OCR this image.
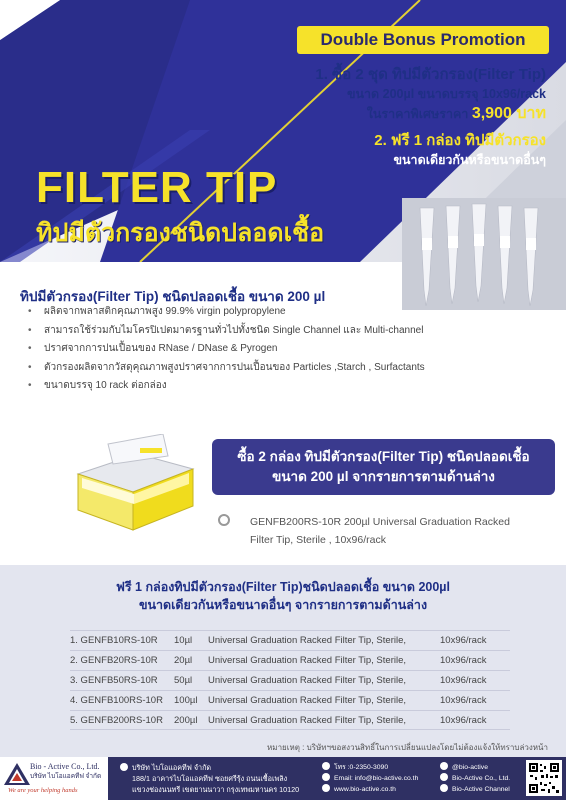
Double Bonus Promotion
1. ซื้อ 2 ชุด ทิปมีตัวกรอง(Filter Tip)
ขนาด 200µl ขนาดบรรจุ 10x96/rack
ในราคาพิเศษราคา 3,900 บาท
2. ฟรี 1 กล่อง ทิปมีตัวกรอง
ขนาดเดียวกันหรือขนาดอื่นๆ
FILTER TIP
ทิปมีตัวกรองชนิดปลอดเชื้อ
ทิปมีตัวกรอง(Filter Tip) ชนิดปลอดเชื้อ ขนาด 200 µl
• ผลิตจากพลาสติกคุณภาพสูง 99.9% virgin polypropylene
• สามารถใช้ร่วมกับไมโครปิเปตมาตรฐานทั่วไปทั้งชนิด Single Channel และ Multi-channel
• ปราศจากการปนเปื้อนของ RNase / DNase & Pyrogen
• ตัวกรองผลิตจากวัสดุคุณภาพสูงปราศจากการปนเปื้อนของ Particles ,Starch , Surfactants
• ขนาดบรรจุ 10 rack ต่อกล่อง
ซื้อ 2 กล่อง ทิปมีตัวกรอง(Filter Tip) ชนิดปลอดเชื้อ
ขนาด 200 µl จากรายการตามด้านล่าง
GENFB200RS-10R 200µl Universal Graduation Racked
Filter Tip, Sterile , 10x96/rack
ฟรี 1 กล่องทิปมีตัวกรอง(Filter Tip)ชนิดปลอดเชื้อ ขนาด 200µl
ขนาดเดียวกันหรือขนาดอื่นๆ จากรายการตามด้านล่าง
1. GENFB10RS-10R 10µl Universal Graduation Racked Filter Tip, Sterile,	10x96/rack
2. GENFB20RS-10R 20µl Universal Graduation Racked Filter Tip, Sterile,	10x96/rack
3. GENFB50RS-10R 50µl Universal Graduation Racked Filter Tip, Sterile,	10x96/rack
4. GENFB100RS-10R 100µl Universal Graduation Racked Filter Tip, Sterile,	10x96/rack
5. GENFB200RS-10R 200µl Universal Graduation Racked Filter Tip, Sterile,	10x96/rack
หมายเหตุ : บริษัทฯขอสงวนสิทธิ์ในการเปลี่ยนแปลงโดยไม่ต้องแจ้งให้ทราบล่วงหน้า
Bio - Active Co., Ltd.
บริษัท ไบโอแอคทีฟ จำกัด
We are your helping hands
บริษัท ไบโอแอคทีฟ จำกัด
188/1 อาคารไบโอแอคทีฟ ซอยศรีรุ้ง ถนนเชื้อเพลิง
แขวงช่องนนทรี เขตยานนาวา กรุงเทพมหานคร 10120
โทร :0-2350-3090
Email: info@bio-active.co.th
www.bio-active.co.th
@bio-active
Bio-Active Co., Ltd.
Bio-Active Channel
